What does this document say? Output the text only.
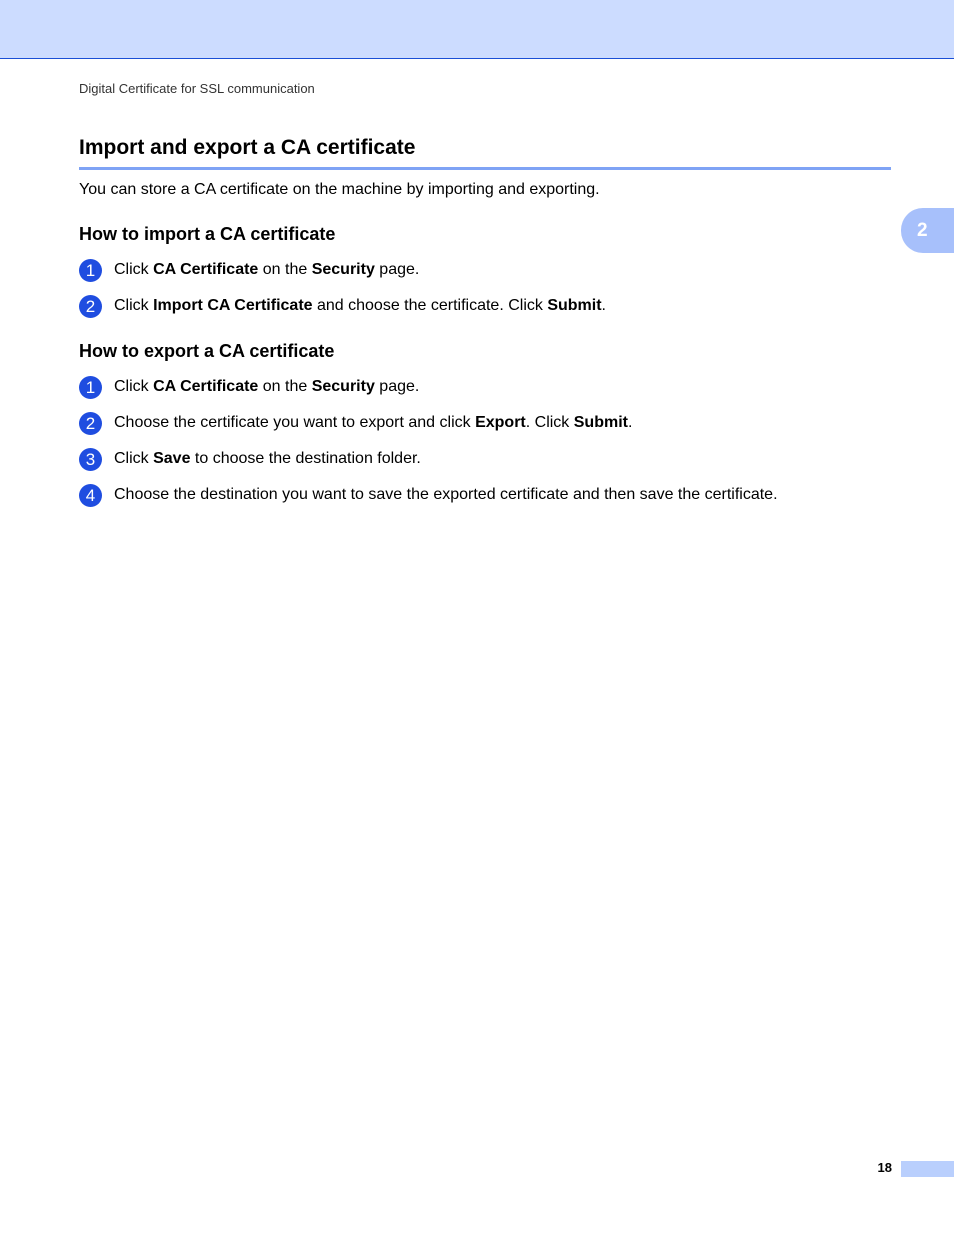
Digital Certificate for SSL communication
Import and export a CA certificate
You can store a CA certificate on the machine by importing and exporting.
How to import a CA certificate
1	Click CA Certificate on the Security page.
2	Click Import CA Certificate and choose the certificate. Click Submit.
How to export a CA certificate
1	Click CA Certificate on the Security page.
2	Choose the certificate you want to export and click Export. Click Submit.
3	Click Save to choose the destination folder.
4	Choose the destination you want to save the exported certificate and then save the certificate.
2
18
